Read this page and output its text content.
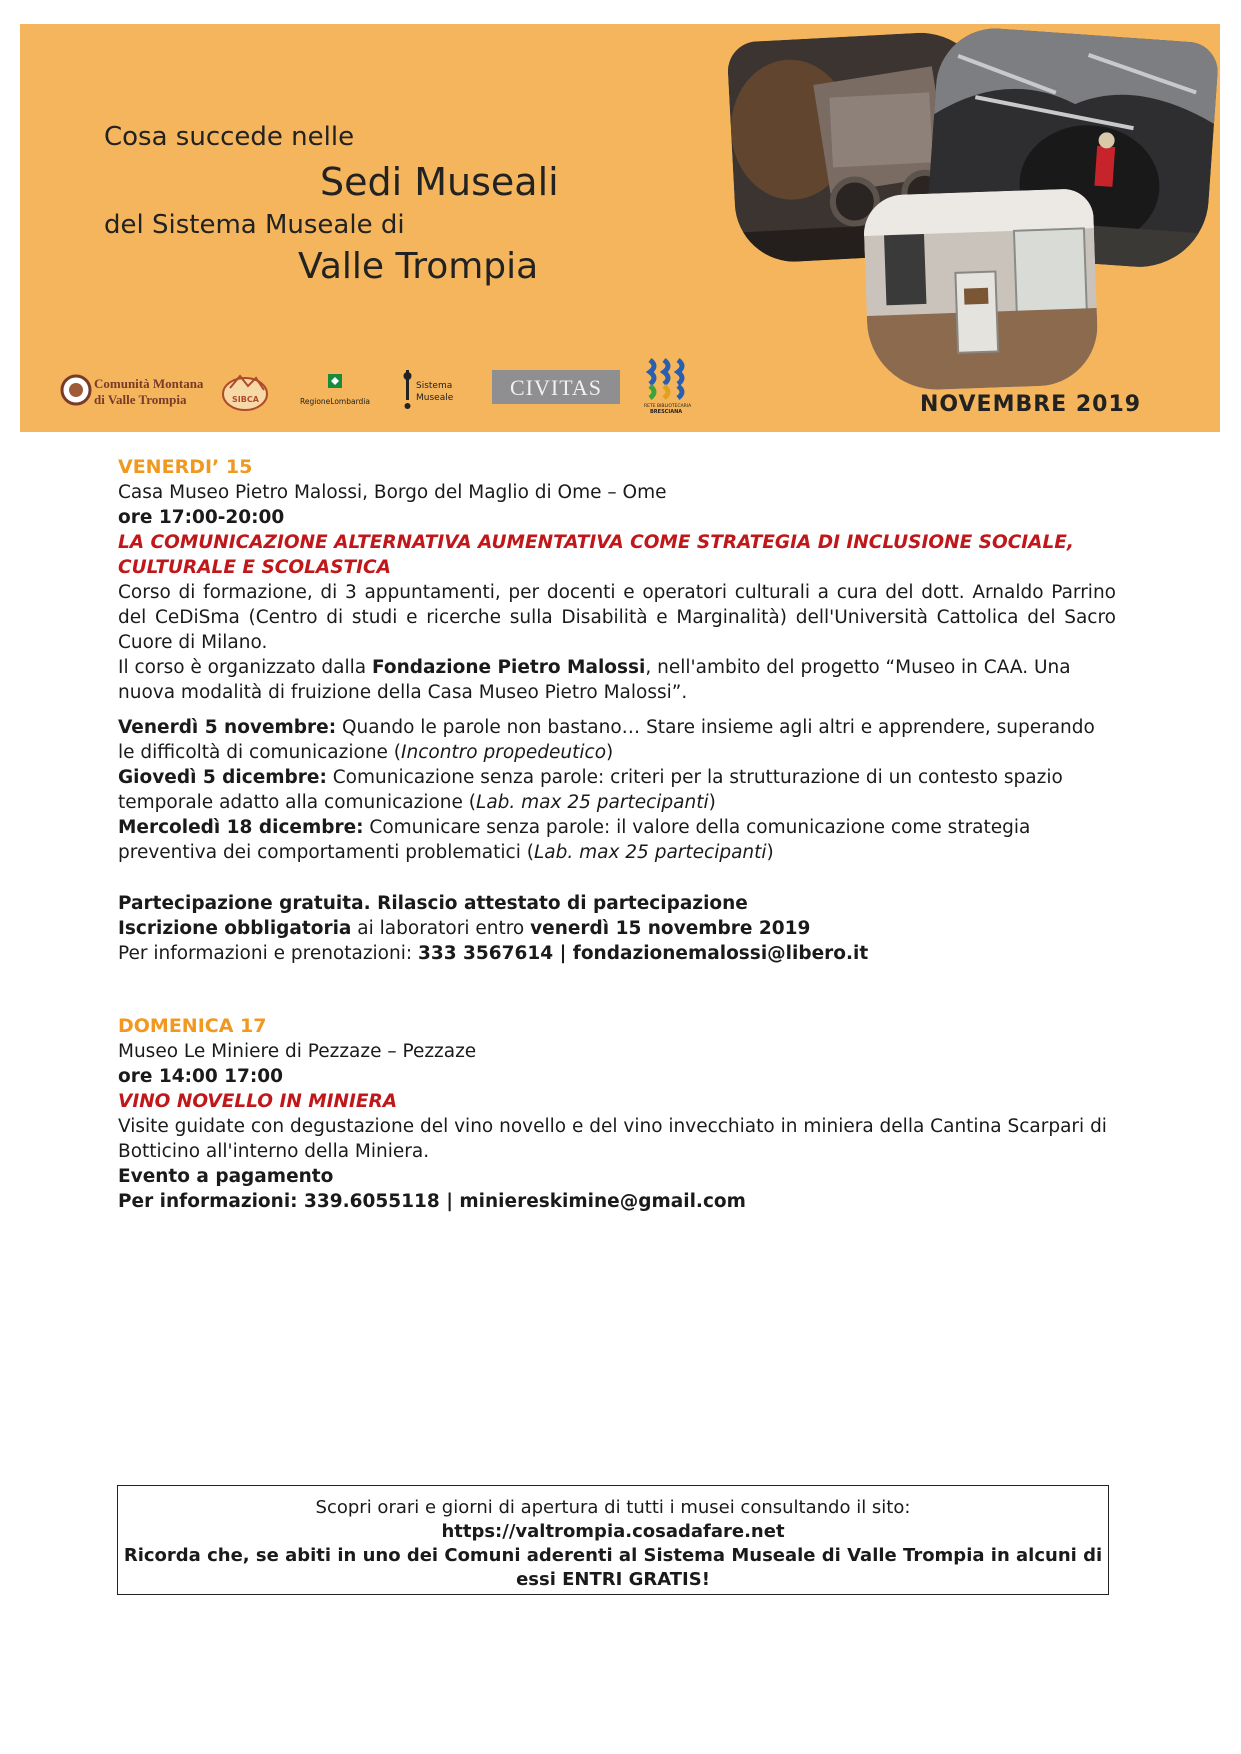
Cosa succede nelle
Sedi Museali
del Sistema Museale di
Valle Trompia
Comunità Montana
di Valle Trompia	SIBCA	RegioneLombardia
Sistema
Museale	CIVITAS
RETE BIBLIOTECARIA
BRESCIANA	NOVEMBRE 2019

VENERDI’ 15

Casa Museo Pietro Malossi, Borgo del Maglio di Ome – Ome

ore 17:00-20:00

LA COMUNICAZIONE ALTERNATIVA AUMENTATIVA COME STRATEGIA DI INCLUSIONE SOCIALE,

CULTURALE E SCOLASTICA

Corso di formazione, di 3 appuntamenti, per docenti e operatori culturali a cura del dott. Arnaldo Parrino del CeDiSma (Centro di studi e ricerche sulla Disabilità e Marginalità) dell'Università Cattolica del Sacro Cuore di Milano.

Il corso è organizzato dalla Fondazione Pietro Malossi, nell'ambito del progetto “Museo in CAA. Una nuova modalità di fruizione della Casa Museo Pietro Malossi”.

Venerdì 5 novembre: Quando le parole non bastano… Stare insieme agli altri e apprendere, superando le difficoltà di comunicazione (Incontro propedeutico)

Giovedì 5 dicembre: Comunicazione senza parole: criteri per la strutturazione di un contesto spazio temporale adatto alla comunicazione (Lab. max 25 partecipanti)

Mercoledì 18 dicembre: Comunicare senza parole: il valore della comunicazione come strategia preventiva dei comportamenti problematici (Lab. max 25 partecipanti)

Partecipazione gratuita. Rilascio attestato di partecipazione

Iscrizione obbligatoria ai laboratori entro venerdì 15 novembre 2019

Per informazioni e prenotazioni: 333 3567614 | fondazionemalossi@libero.it

DOMENICA 17

Museo Le Miniere di Pezzaze – Pezzaze

ore 14:00 17:00

VINO NOVELLO IN MINIERA

Visite guidate con degustazione del vino novello e del vino invecchiato in miniera della Cantina Scarpari di Botticino all'interno della Miniera.

Evento a pagamento

Per informazioni: 339.6055118 | miniereskimine@gmail.com

Scopri orari e giorni di apertura di tutti i musei consultando il sito:

https://valtrompia.cosadafare.net

Ricorda che, se abiti in uno dei Comuni aderenti al Sistema Museale di Valle Trompia in alcuni di essi ENTRI GRATIS!
